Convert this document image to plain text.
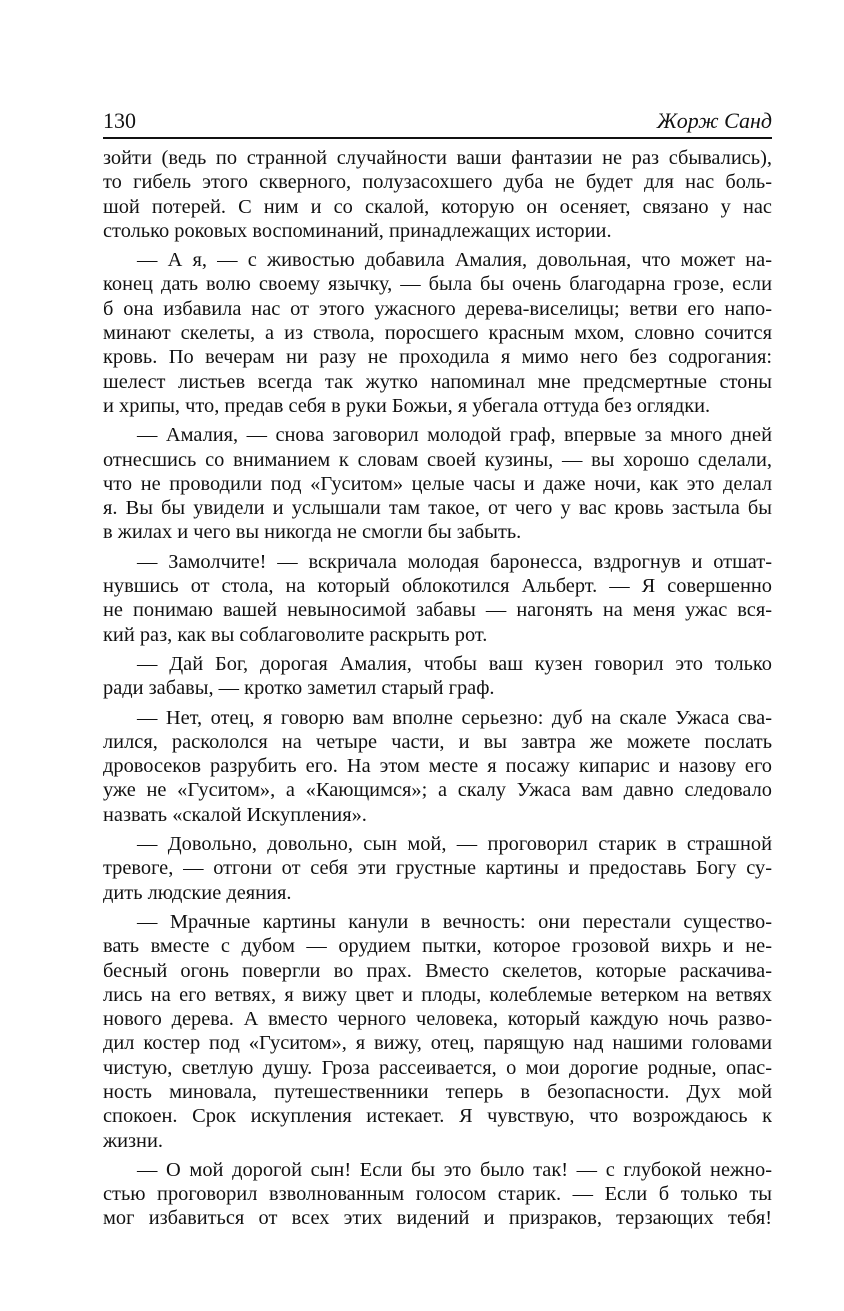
130	Жорж Санд
зойти (ведь по странной случайности ваши фантазии не раз сбывались),
то гибель этого скверного, полузасохшего дуба не будет для нас боль-
шой потерей. С ним и со скалой, которую он осеняет, связано у нас
столько роковых воспоминаний, принадлежащих истории.
— А я, — с живостью добавила Амалия, довольная, что может на-
конец дать волю своему язычку, — была бы очень благодарна грозе, если
б она избавила нас от этого ужасного дерева-виселицы; ветви его напо-
минают скелеты, а из ствола, поросшего красным мхом, словно сочится
кровь. По вечерам ни разу не проходила я мимо него без содрогания:
шелест листьев всегда так жутко напоминал мне предсмертные стоны
и хрипы, что, предав себя в руки Божьи, я убегала оттуда без оглядки.
— Амалия, — снова заговорил молодой граф, впервые за много дней
отнесшись со вниманием к словам своей кузины, — вы хорошо сделали,
что не проводили под «Гуситом» целые часы и даже ночи, как это делал
я. Вы бы увидели и услышали там такое, от чего у вас кровь застыла бы
в жилах и чего вы никогда не смогли бы забыть.
— Замолчите! — вскричала молодая баронесса, вздрогнув и отшат-
нувшись от стола, на который облокотился Альберт. — Я совершенно
не понимаю вашей невыносимой забавы — нагонять на меня ужас вся-
кий раз, как вы соблаговолите раскрыть рот.
— Дай Бог, дорогая Амалия, чтобы ваш кузен говорил это только
ради забавы, — кротко заметил старый граф.
— Нет, отец, я говорю вам вполне серьезно: дуб на скале Ужаса сва-
лился, раскололся на четыре части, и вы завтра же можете послать
дровосеков разрубить его. На этом месте я посажу кипарис и назову его
уже не «Гуситом», а «Кающимся»; а скалу Ужаса вам давно следовало
назвать «скалой Искупления».
— Довольно, довольно, сын мой, — проговорил старик в страшной
тревоге, — отгони от себя эти грустные картины и предоставь Богу су-
дить людские деяния.
— Мрачные картины канули в вечность: они перестали существо-
вать вместе с дубом — орудием пытки, которое грозовой вихрь и не-
бесный огонь повергли во прах. Вместо скелетов, которые раскачива-
лись на его ветвях, я вижу цвет и плоды, колеблемые ветерком на ветвях
нового дерева. А вместо черного человека, который каждую ночь разво-
дил костер под «Гуситом», я вижу, отец, парящую над нашими головами
чистую, светлую душу. Гроза рассеивается, о мои дорогие родные, опас-
ность миновала, путешественники теперь в безопасности. Дух мой
спокоен. Срок искупления истекает. Я чувствую, что возрождаюсь к
жизни.
— О мой дорогой сын! Если бы это было так! — с глубокой нежно-
стью проговорил взволнованным голосом старик. — Если б только ты
мог избавиться от всех этих видений и призраков, терзающих тебя!
